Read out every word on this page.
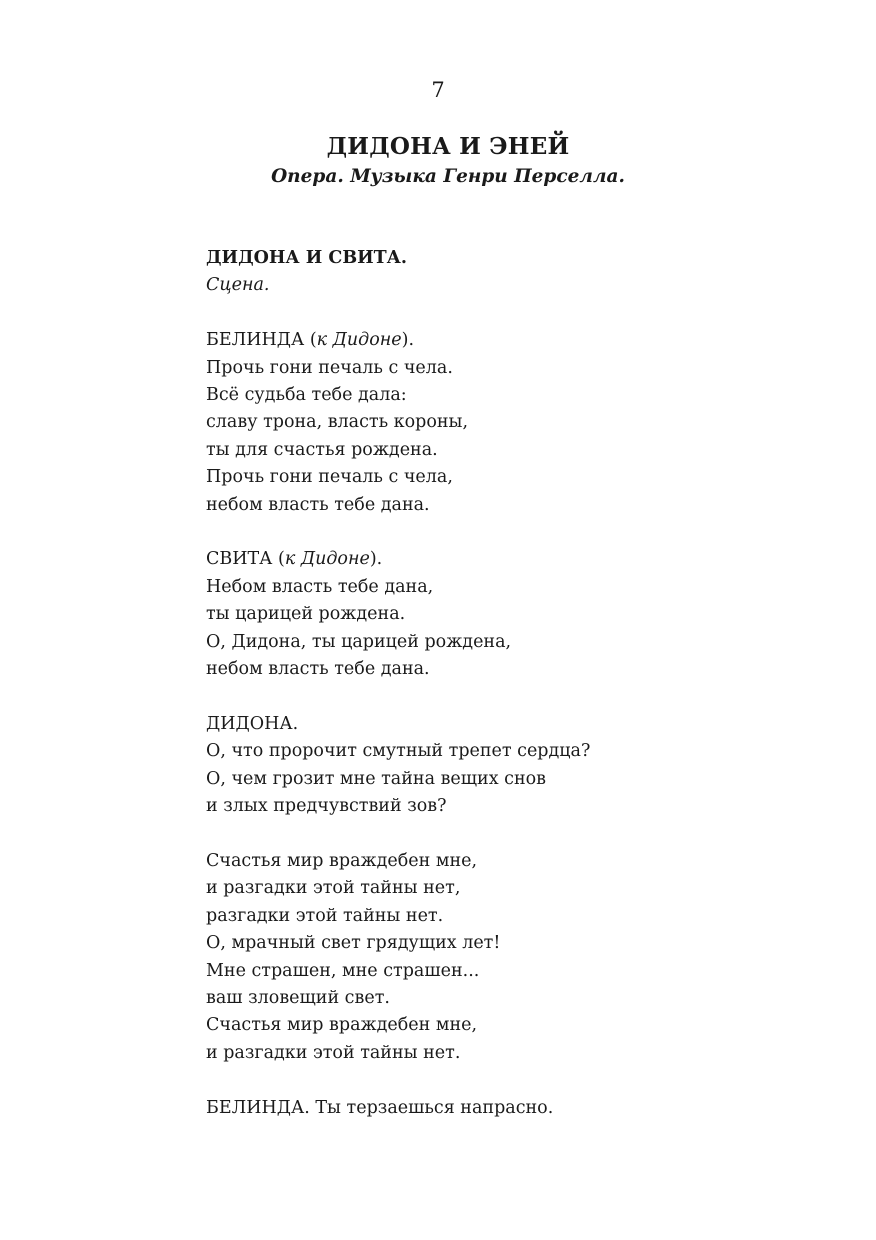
7
ДИДОНА И ЭНЕЙ
Опера. Музыка Генри Перселла.
ДИДОНА И СВИТА.
Сцена.
БЕЛИНДА (к Дидоне).
Прочь гони печаль с чела.
Всё судьба тебе дала:
славу трона, власть короны,
ты для счастья рождена.
Прочь гони печаль с чела,
небом власть тебе дана.
СВИТА (к Дидоне).
Небом власть тебе дана,
ты царицей рождена.
О, Дидона, ты царицей рождена,
небом власть тебе дана.
ДИДОНА.
О, что пророчит смутный трепет сердца?
О, чем грозит мне тайна вещих снов
и злых предчувствий зов?
Счастья мир враждебен мне,
и разгадки этой тайны нет,
разгадки этой тайны нет.
О, мрачный свет грядущих лет!
Мне страшен, мне страшен...
ваш зловещий свет.
Счастья мир враждебен мне,
и разгадки этой тайны нет.
БЕЛИНДА. Ты терзаешься напрасно.
